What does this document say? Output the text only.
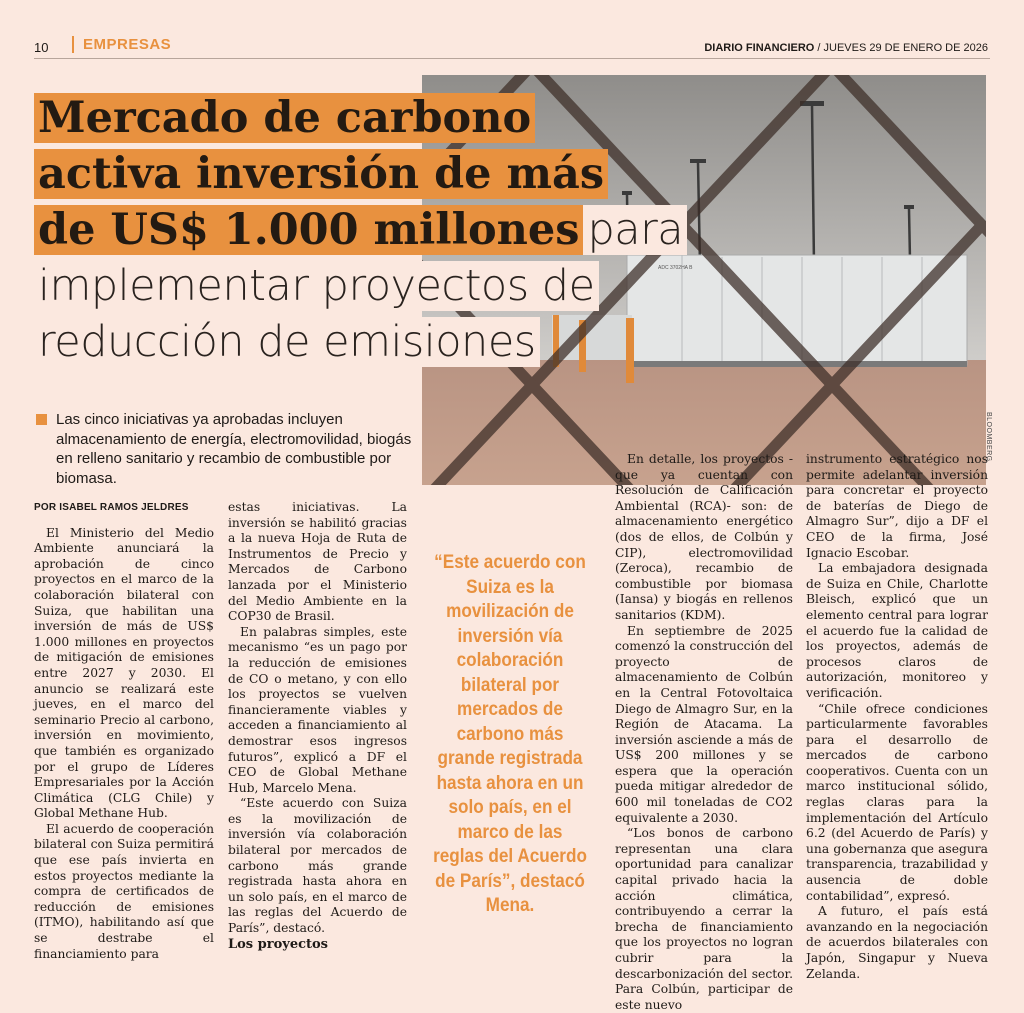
10	EMPRESAS	DIARIO FINANCIERO / JUEVES 29 DE ENERO DE 2026
ADC 3702HA B
BLOOMBERG
Mercado de carbono
activa inversión de más
de US$ 1.000 millones para
implementar proyectos de
reducción de emisiones

Las cinco iniciativas ya aprobadas incluyen almacenamiento de energía, electromovilidad, biogás en relleno sanitario y recambio de combustible por biomasa.

POR ISABEL RAMOS JELDRES

El Ministerio del Medio Ambiente anunciará la aprobación de cinco proyectos en el marco de la colaboración bilateral con Suiza, que habilitan una inversión de más de US$ 1.000 millones en proyectos de mitigación de emisiones entre 2027 y 2030. El anuncio se realizará este jueves, en el marco del seminario Precio al carbono, inversión en movimiento, que también es organizado por el grupo de Líderes Empresariales por la Acción Climática (CLG Chile) y Global Methane Hub.

El acuerdo de cooperación bilateral con Suiza permitirá que ese país invierta en estos proyectos mediante la compra de certificados de reducción de emisiones (ITMO), habilitando así que se destrabe el financiamiento para

estas iniciativas. La inversión se habilitó gracias a la nueva Hoja de Ruta de Instrumentos de Precio y Mercados de Carbono lanzada por el Ministerio del Medio Ambiente en la COP30 de Brasil.

En palabras simples, este mecanismo “es un pago por la reducción de emisiones de CO o metano, y con ello los proyectos se vuelven financieramente viables y acceden a financiamiento al demostrar esos ingresos futuros”, explicó a DF el CEO de Global Methane Hub, Marcelo Mena.

“Este acuerdo con Suiza es la movilización de inversión vía colaboración bilateral por mercados de carbono más grande registrada hasta ahora en un solo país, en el marco de las reglas del Acuerdo de París”, destacó.

Los proyectos

“Este acuerdo con Suiza es la movilización de inversión vía colaboración bilateral por mercados de carbono más grande registrada hasta ahora en un solo país, en el marco de las reglas del Acuerdo de París”, destacó Mena.

En detalle, los proyectos -que ya cuentan con Resolución de Calificación Ambiental (RCA)- son: de almacenamiento energético (dos de ellos, de Colbún y CIP), electromovilidad (Zeroca), recambio de combustible por biomasa (Iansa) y biogás en rellenos sanitarios (KDM).

En septiembre de 2025 comenzó la construcción del proyecto de almacenamiento de Colbún en la Central Fotovoltaica Diego de Almagro Sur, en la Región de Atacama. La inversión asciende a más de US$ 200 millones y se espera que la operación pueda mitigar alrededor de 600 mil toneladas de CO2 equivalente a 2030.

“Los bonos de carbono representan una clara oportunidad para canalizar capital privado hacia la acción climática, contribuyendo a cerrar la brecha de financiamiento que los proyectos no logran cubrir para la descarbonización del sector. Para Colbún, participar de este nuevo

instrumento estratégico nos permite adelantar inversión para concretar el proyecto de baterías de Diego de Almagro Sur”, dijo a DF el CEO de la firma, José Ignacio Escobar.

La embajadora designada de Suiza en Chile, Charlotte Bleisch, explicó que un elemento central para lograr el acuerdo fue la calidad de los proyectos, además de procesos claros de autorización, monitoreo y verificación.

“Chile ofrece condiciones particularmente favorables para el desarrollo de mercados de carbono cooperativos. Cuenta con un marco institucional sólido, reglas claras para la implementación del Artículo 6.2 (del Acuerdo de París) y una gobernanza que asegura transparencia, trazabilidad y ausencia de doble contabilidad”, expresó.

A futuro, el país está avanzando en la negociación de acuerdos bilaterales con Japón, Singapur y Nueva Zelanda.
